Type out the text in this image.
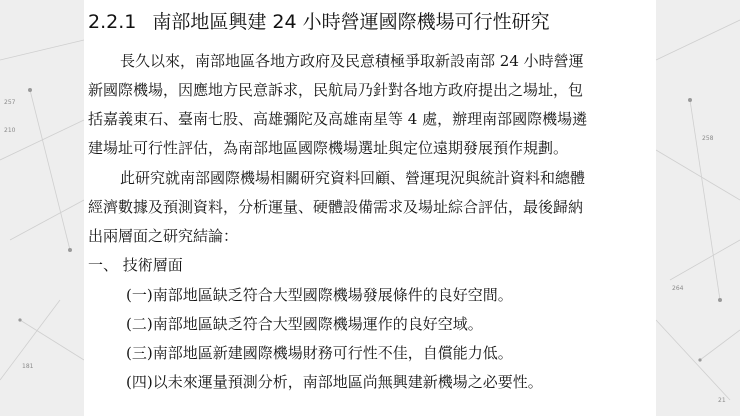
257
210
181
258
264
21
2.2.1 南部地區興建 24 小時營運國際機場可行性研究
長久以來，南部地區各地方政府及民意積極爭取新設南部 24 小時營運
新國際機場，因應地方民意訴求，民航局乃針對各地方政府提出之場址，包
括嘉義東石、臺南七股、高雄彌陀及高雄南星等 4 處，辦理南部國際機場遴
建場址可行性評估，為南部地區國際機場選址與定位遠期發展預作規劃。
此研究就南部國際機場相關研究資料回顧、營運現況與統計資料和總體
經濟數據及預測資料，分析運量、硬體設備需求及場址綜合評估，最後歸納
出兩層面之研究結論：
一、 技術層面
(一)南部地區缺乏符合大型國際機場發展條件的良好空間。
(二)南部地區缺乏符合大型國際機場運作的良好空域。
(三)南部地區新建國際機場財務可行性不佳，自償能力低。
(四)以未來運量預測分析，南部地區尚無興建新機場之必要性。
